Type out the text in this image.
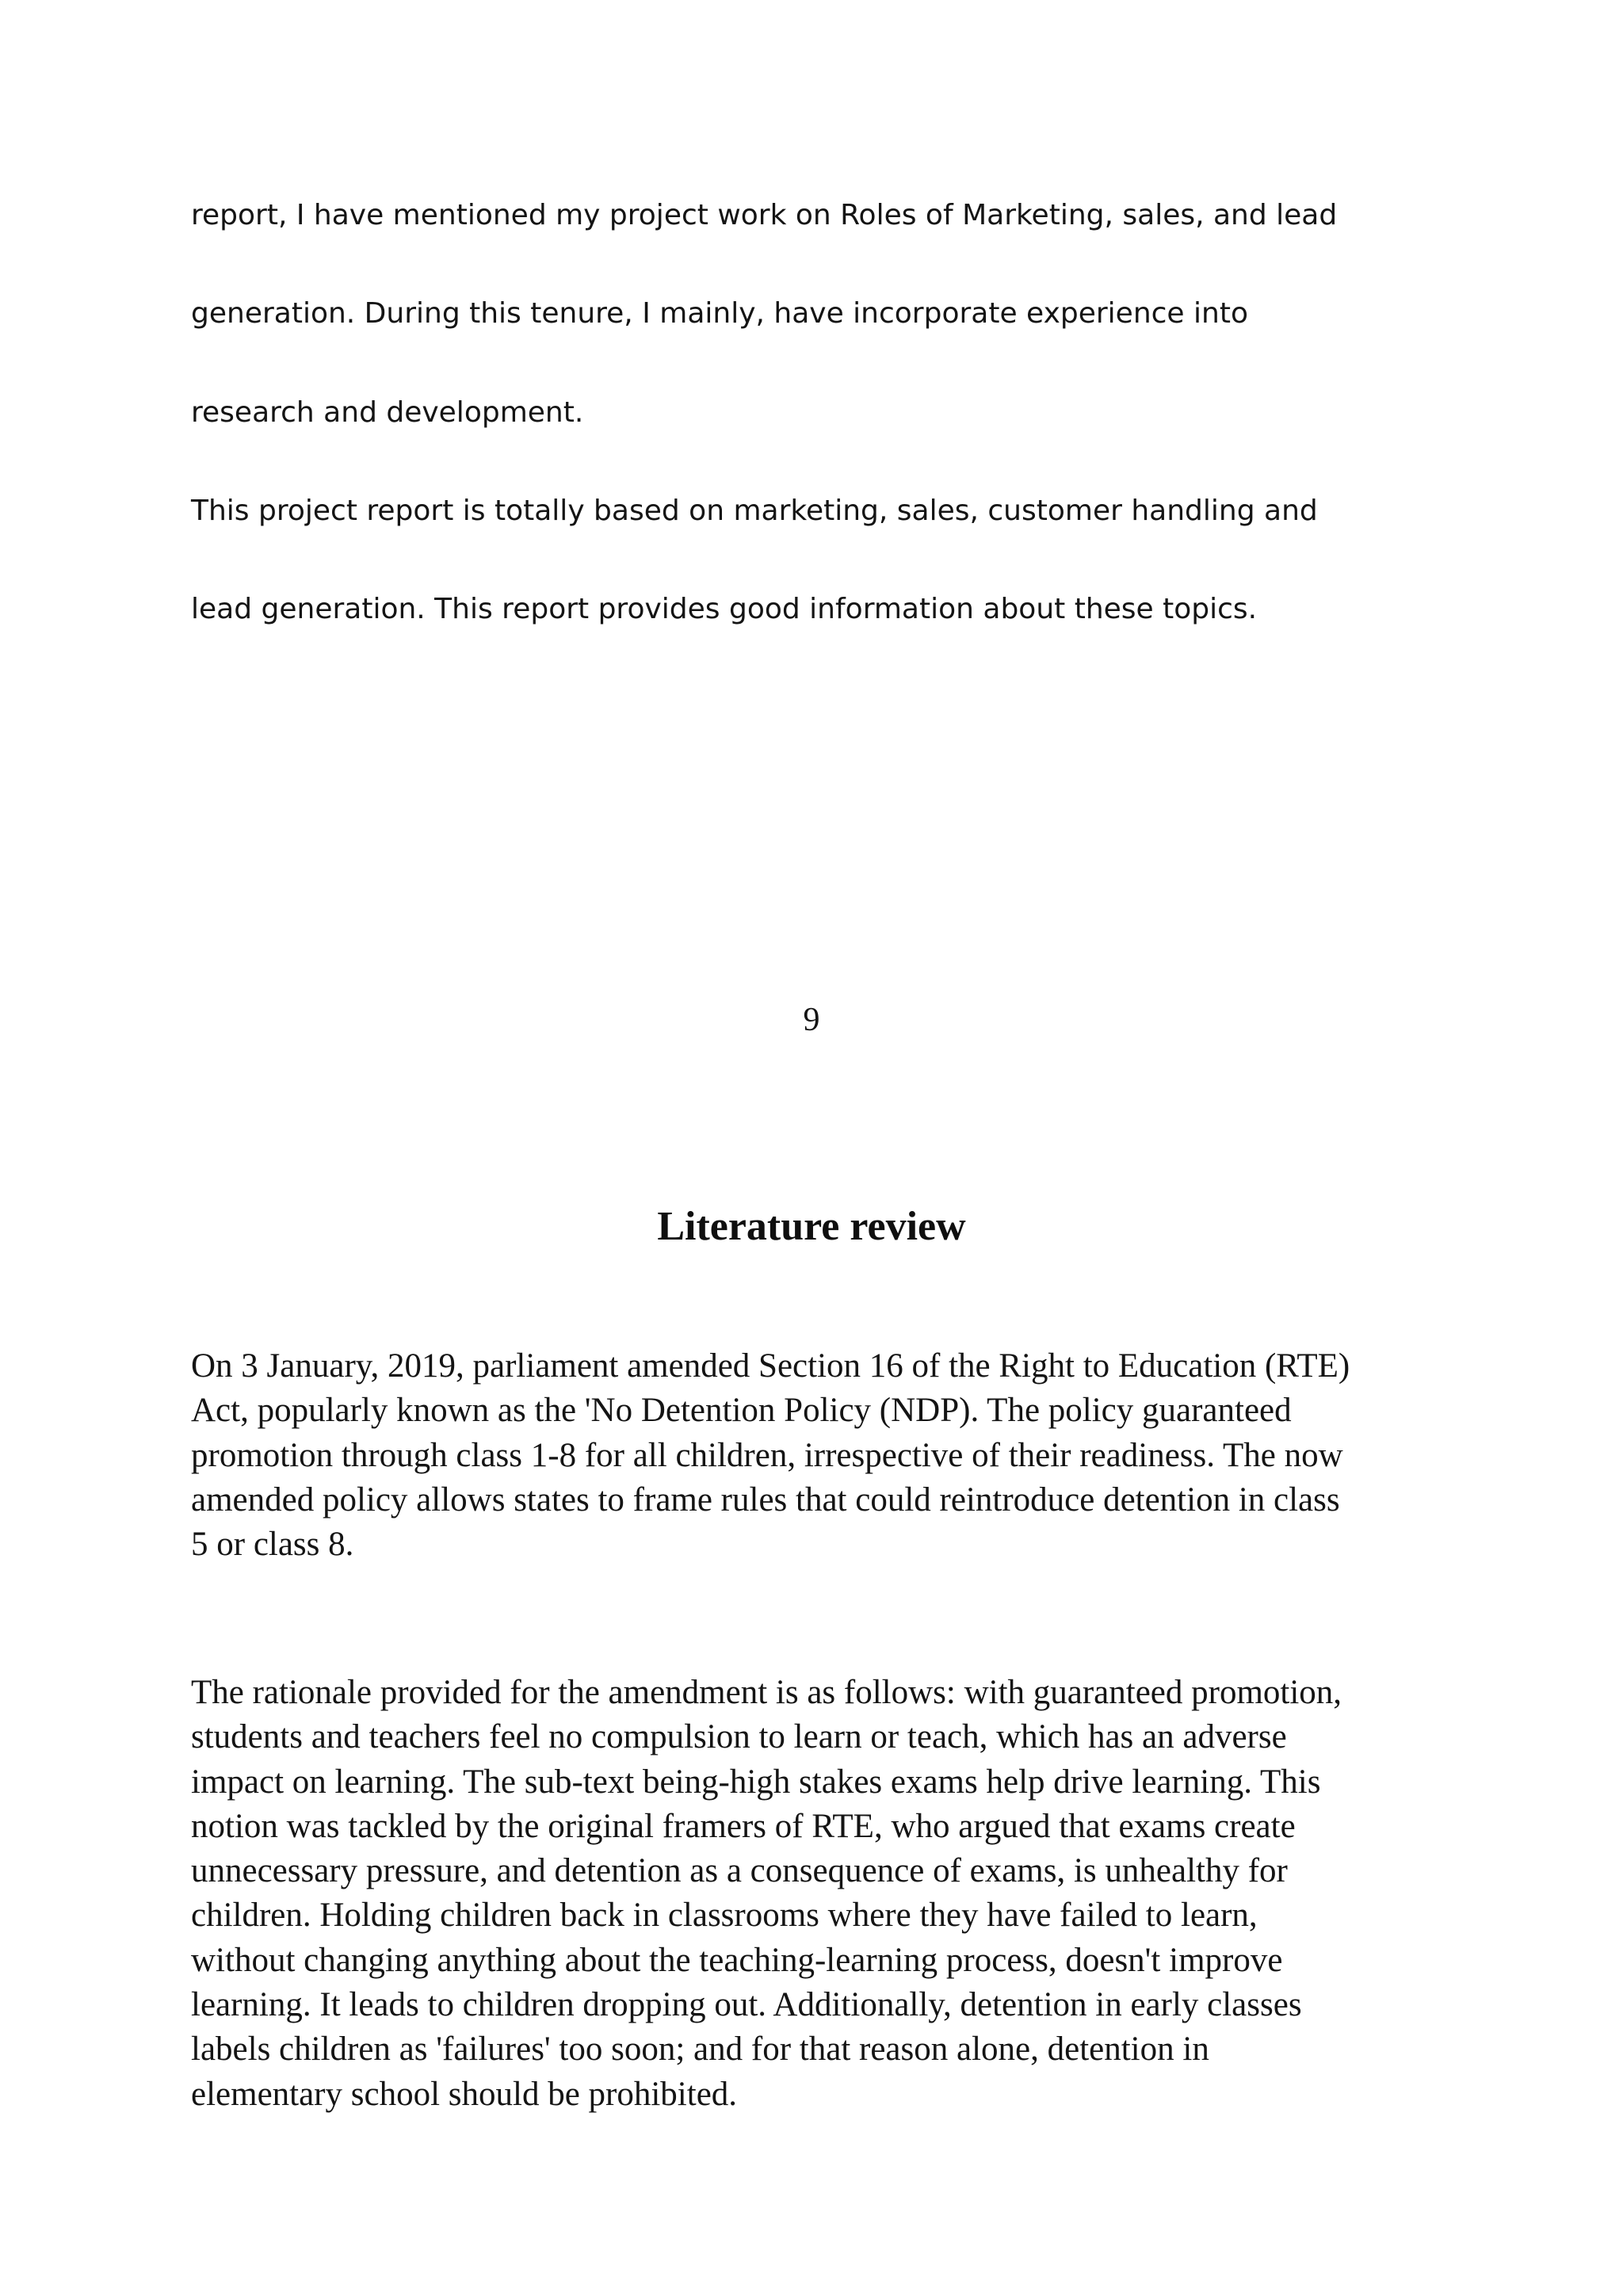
report, I have mentioned my project work on Roles of Marketing, sales, and lead
generation. During this tenure, I mainly, have incorporate experience into
research and development.
This project report is totally based on marketing, sales, customer handling and
lead generation. This report provides good information about these topics.
9
Literature review

On 3 January, 2019, parliament amended Section 16 of the Right to Education (RTE)
Act, popularly known as the 'No Detention Policy (NDP). The policy guaranteed
promotion through class 1-8 for all children, irrespective of their readiness. The now
amended policy allows states to frame rules that could reintroduce detention in class
5 or class 8.

The rationale provided for the amendment is as follows: with guaranteed promotion,
students and teachers feel no compulsion to learn or teach, which has an adverse
impact on learning. The sub-text being-high stakes exams help drive learning. This
notion was tackled by the original framers of RTE, who argued that exams create
unnecessary pressure, and detention as a consequence of exams, is unhealthy for
children. Holding children back in classrooms where they have failed to learn,
without changing anything about the teaching-learning process, doesn't improve
learning. It leads to children dropping out. Additionally, detention in early classes
labels children as 'failures' too soon; and for that reason alone, detention in
elementary school should be prohibited.
